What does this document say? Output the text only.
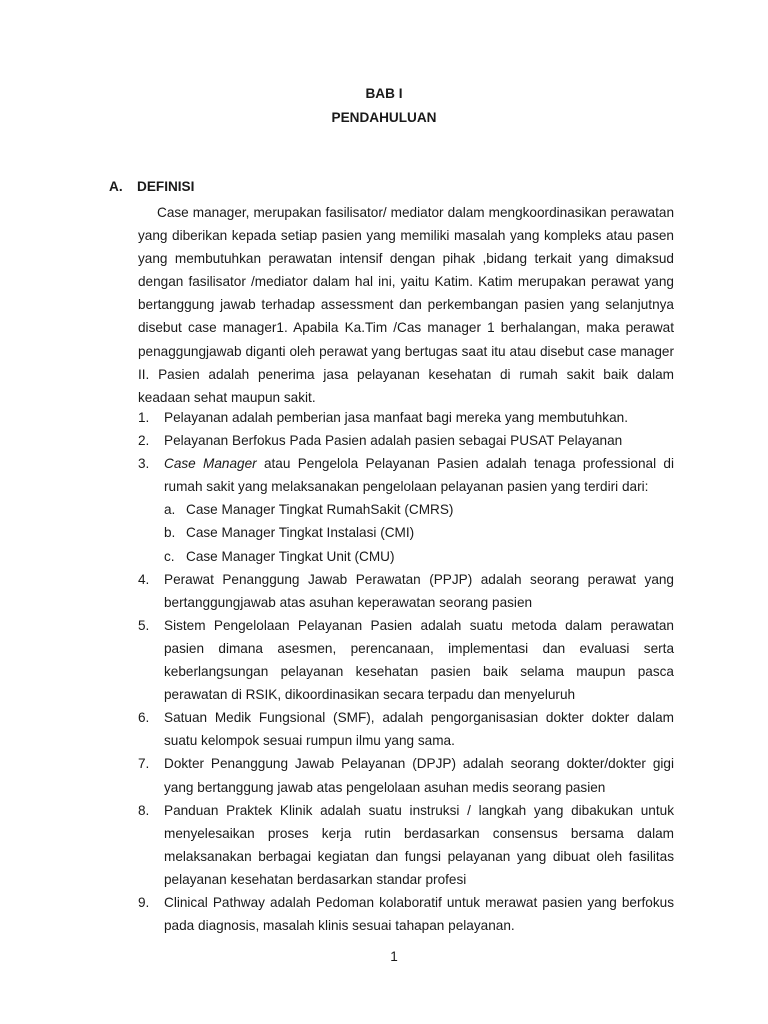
BAB I
PENDAHULUAN
A. DEFINISI
Case manager, merupakan fasilisator/ mediator dalam mengkoordinasikan perawatan yang diberikan kepada setiap pasien yang memiliki masalah yang kompleks atau pasen yang membutuhkan perawatan intensif dengan pihak ,bidang terkait yang dimaksud dengan fasilisator /mediator dalam hal ini, yaitu Katim. Katim merupakan perawat yang bertanggung jawab terhadap assessment dan perkembangan pasien yang selanjutnya disebut case manager1. Apabila Ka.Tim /Cas manager 1 berhalangan, maka perawat penaggungjawab diganti oleh perawat yang bertugas saat itu atau disebut case manager II. Pasien adalah penerima jasa pelayanan kesehatan di rumah sakit baik dalam keadaan sehat maupun sakit.
1. Pelayanan adalah pemberian jasa manfaat bagi mereka yang membutuhkan.
2. Pelayanan Berfokus Pada Pasien adalah pasien sebagai PUSAT Pelayanan
3. Case Manager atau Pengelola Pelayanan Pasien adalah tenaga professional di rumah sakit yang melaksanakan pengelolaan pelayanan pasien yang terdiri dari:
a. Case Manager Tingkat RumahSakit (CMRS)
b. Case Manager Tingkat Instalasi (CMI)
c. Case Manager Tingkat Unit (CMU)
4. Perawat Penanggung Jawab Perawatan (PPJP) adalah seorang perawat yang bertanggungjawab atas asuhan keperawatan seorang pasien
5. Sistem Pengelolaan Pelayanan Pasien adalah suatu metoda dalam perawatan pasien dimana asesmen, perencanaan, implementasi dan evaluasi serta keberlangsungan pelayanan kesehatan pasien baik selama maupun pasca perawatan di RSIK, dikoordinasikan secara terpadu dan menyeluruh
6. Satuan Medik Fungsional (SMF), adalah pengorganisasian dokter dokter dalam suatu kelompok sesuai rumpun ilmu yang sama.
7. Dokter Penanggung Jawab Pelayanan (DPJP) adalah seorang dokter/dokter gigi yang bertanggung jawab atas pengelolaan asuhan medis seorang pasien
8. Panduan Praktek Klinik adalah suatu instruksi / langkah yang dibakukan untuk menyelesaikan proses kerja rutin berdasarkan consensus bersama dalam melaksanakan berbagai kegiatan dan fungsi pelayanan yang dibuat oleh fasilitas pelayanan kesehatan berdasarkan standar profesi
9. Clinical Pathway adalah Pedoman kolaboratif untuk merawat pasien yang berfokus pada diagnosis, masalah klinis sesuai tahapan pelayanan.
1
